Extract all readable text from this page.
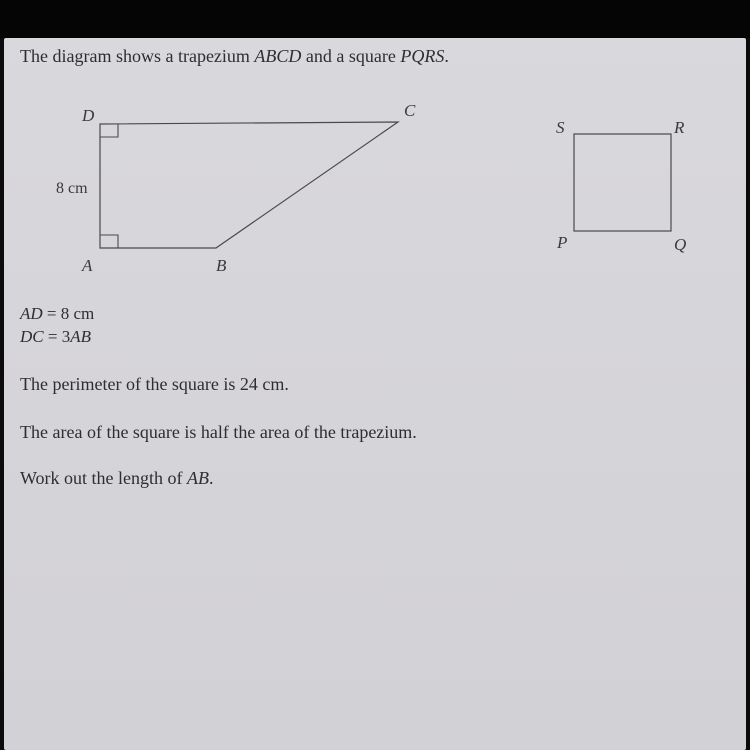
The diagram shows a trapezium ABCD and a square PQRS.
D	C
A	B
8 cm
S	R
P	Q
AD = 8 cm
DC = 3AB
The perimeter of the square is 24 cm.
The area of the square is half the area of the trapezium.
Work out the length of AB.
